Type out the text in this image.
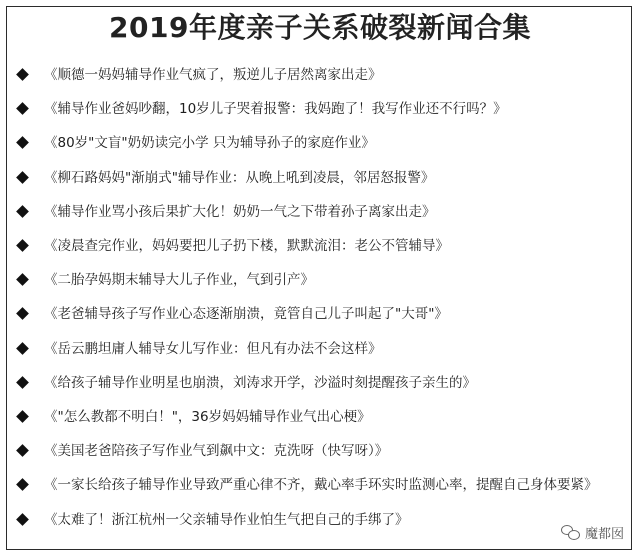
2019年度亲子关系破裂新闻合集
《顺德一妈妈辅导作业气疯了，叛逆儿子居然离家出走》
《辅导作业爸妈吵翻，10岁儿子哭着报警：我妈跑了！我写作业还不行吗？》
《80岁"文盲"奶奶读完小学 只为辅导孙子的家庭作业》
《柳石路妈妈"渐崩式"辅导作业：从晚上吼到凌晨，邻居怒报警》
《辅导作业骂小孩后果扩大化！奶奶一气之下带着孙子离家出走》
《凌晨查完作业，妈妈要把儿子扔下楼，默默流泪：老公不管辅导》
《二胎孕妈期末辅导大儿子作业，气到引产》
《老爸辅导孩子写作业心态逐渐崩溃，竟管自己儿子叫起了"大哥"》
《岳云鹏坦庸人辅导女儿写作业：但凡有办法不会这样》
《给孩子辅导作业明星也崩溃，刘涛求开学，沙溢时刻提醒孩子亲生的》
《"怎么教都不明白！"，36岁妈妈辅导作业气出心梗》
《美国老爸陪孩子写作业气到飙中文：克洗呀（快写呀）》
《一家长给孩子辅导作业导致严重心律不齐，戴心率手环实时监测心率，提醒自己身体要紧》
《太难了！浙江杭州一父亲辅导作业怕生气把自己的手绑了》
魔都囡
